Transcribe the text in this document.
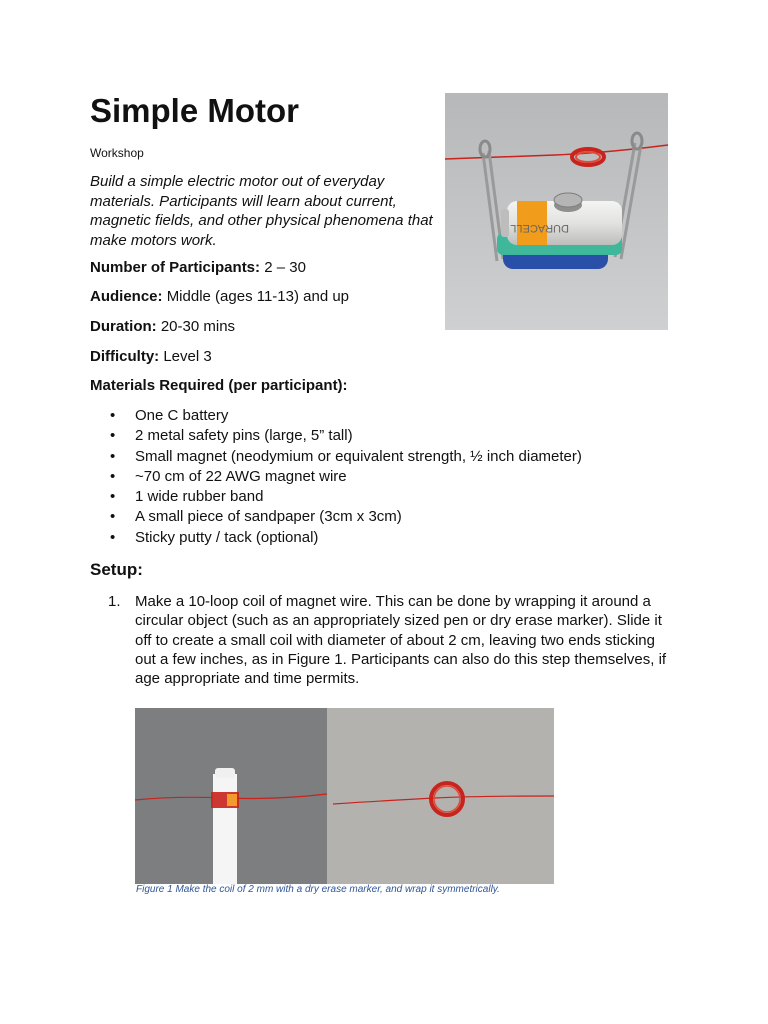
Simple Motor
Workshop
Build a simple electric motor out of everyday materials. Participants will learn about current, magnetic fields, and other physical phenomena that make motors work.
Number of Participants: 2 – 30
Audience: Middle (ages 11-13) and up
Duration: 20-30 mins
Difficulty: Level 3
Materials Required (per participant):
• One C battery
• 2 metal safety pins (large, 5” tall)
• Small magnet (neodymium or equivalent strength, ½ inch diameter)
• ~70 cm of 22 AWG magnet wire
• 1 wide rubber band
• A small piece of sandpaper (3cm x 3cm)
• Sticky putty / tack (optional)
Setup:
1. Make a 10-loop coil of magnet wire. This can be done by wrapping it around a circular object (such as an appropriately sized pen or dry erase marker). Slide it off to create a small coil with diameter of about 2 cm, leaving two ends sticking out a few inches, as in Figure 1. Participants can also do this step themselves, if age appropriate and time permits.
DURACELL
Figure 1 Make the coil of 2 mm with a dry erase marker, and wrap it symmetrically.
